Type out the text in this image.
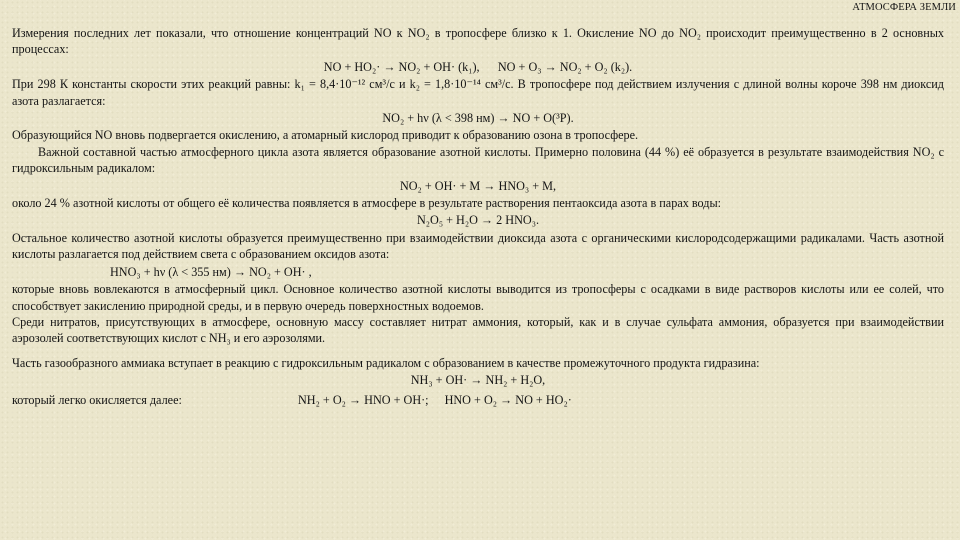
АТМОСФЕРА ЗЕМЛИ

Измерения последних лет показали, что отношение концентраций NO к NO₂ в тропосфере близко к 1. Окисление NO до NO₂ происходит преимущественно в 2 основных процессах:

NO + HO₂· → NO₂ + OH· (k₁),      NO + O₃ → NO₂ + O₂ (k₂).

При 298 К константы скорости этих реакций равны: k₁ = 8,4·10⁻¹² см³/с и k₂ = 1,8·10⁻¹⁴ см³/с. В тропосфере под действием излучения с длиной волны короче 398 нм диоксид азота разлагается:

NO₂ + hν (λ < 398 нм) → NO + O(³P).

Образующийся NO вновь подвергается окислению, а атомарный кислород приводит к образованию озона в тропосфере.

Важной составной частью атмосферного цикла азота является образование азотной кислоты. Примерно половина (44 %) её образуется в результате взаимодействия NO₂ с гидроксильным радикалом:

NO₂ + OH· + M → HNO₃ + M,

около 24 % азотной кислоты от общего её количества появляется в атмосфере в результате растворения пентаоксида азота в парах воды:

N₂O₅ + H₂O → 2 HNO₃.

Остальное количество азотной кислоты образуется преимущественно при взаимодействии диоксида азота с органическими кислородсодержащими радикалами. Часть азотной кислоты разлагается под действием света с образованием оксидов азота:

HNO₃ + hν (λ < 355 нм) → NO₂ + OH· ,

которые вновь вовлекаются в атмосферный цикл. Основное количество азотной кислоты выводится из тропосферы с осадками в виде растворов кислоты или ее солей, что способствует закислению природной среды, и в первую очередь поверхностных водоемов.

Среди нитратов, присутствующих в атмосфере, основную массу составляет нитрат аммония, который, как и в случае сульфата аммония, образуется при взаимодействии аэрозолей соответствующих кислот с NH₃ и его аэрозолями.

Часть газообразного аммиака вступает в реакцию с гидроксильным радикалом с образованием в качестве промежуточного продукта гидразина:

NH₃ + OH· → NH₂ + H₂O,
который легко окисляется далее:	NH₂ + O₂ → HNO + OH·; HNO + O₂ → NO + HO₂·
